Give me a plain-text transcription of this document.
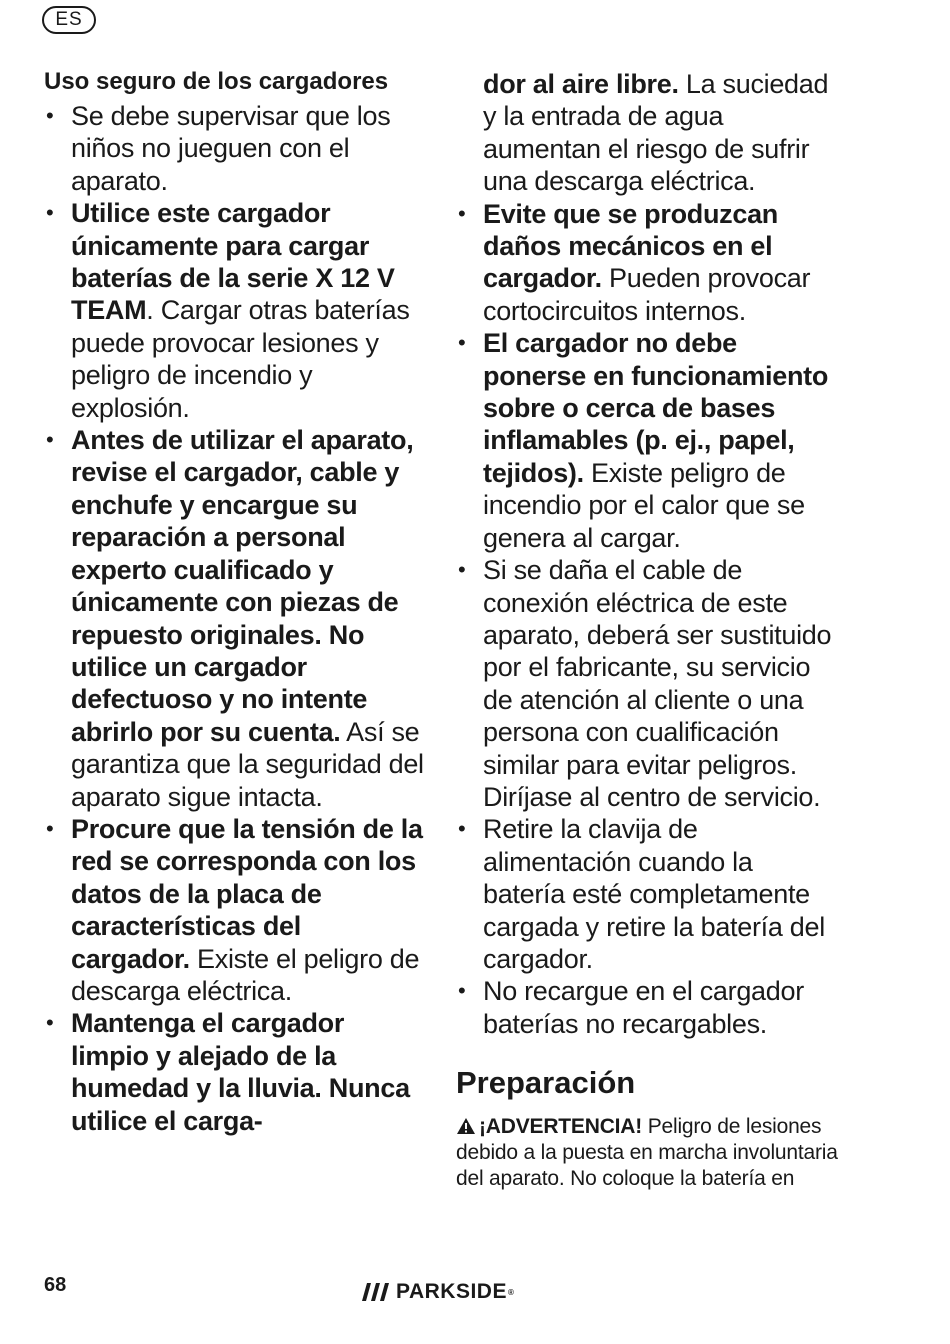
ES
Uso seguro de los cargadores
• Se debe supervisar que los niños no jueguen con el aparato.
• Utilice este cargador únicamente para cargar baterías de la serie X 12 V TEAM. Cargar otras baterías puede provocar lesiones y peligro de incendio y explosión.
• Antes de utilizar el aparato, revise el cargador, cable y enchufe y encargue su reparación a personal experto cualificado y únicamente con piezas de repuesto originales. No utilice un cargador defectuoso y no intente abrirlo por su cuenta. Así se garantiza que la seguridad del aparato sigue intacta.
• Procure que la tensión de la red se corresponda con los datos de la placa de características del cargador. Existe el peligro de descarga eléctrica.
• Mantenga el cargador limpio y alejado de la humedad y la lluvia. Nunca utilice el carga-
dor al aire libre. La suciedad y la entrada de agua aumentan el riesgo de sufrir una descarga eléctrica.
• Evite que se produzcan daños mecánicos en el cargador. Pueden provocar cortocircuitos internos.
• El cargador no debe ponerse en funcionamiento sobre o cerca de bases inflamables (p. ej., papel, tejidos). Existe peligro de incendio por el calor que se genera al cargar.
• Si se daña el cable de conexión eléctrica de este aparato, deberá ser sustituido por el fabricante, su servicio de atención al cliente o una persona con cualificación similar para evitar peligros. Diríjase al centro de servicio.
• Retire la clavija de alimentación cuando la batería esté completamente cargada y retire la batería del cargador.
• No recargue en el cargador baterías no recargables.
Preparación

¡ADVERTENCIA! Peligro de lesiones debido a la puesta en marcha involuntaria del aparato. No coloque la batería en

68	PARKSIDE ®
